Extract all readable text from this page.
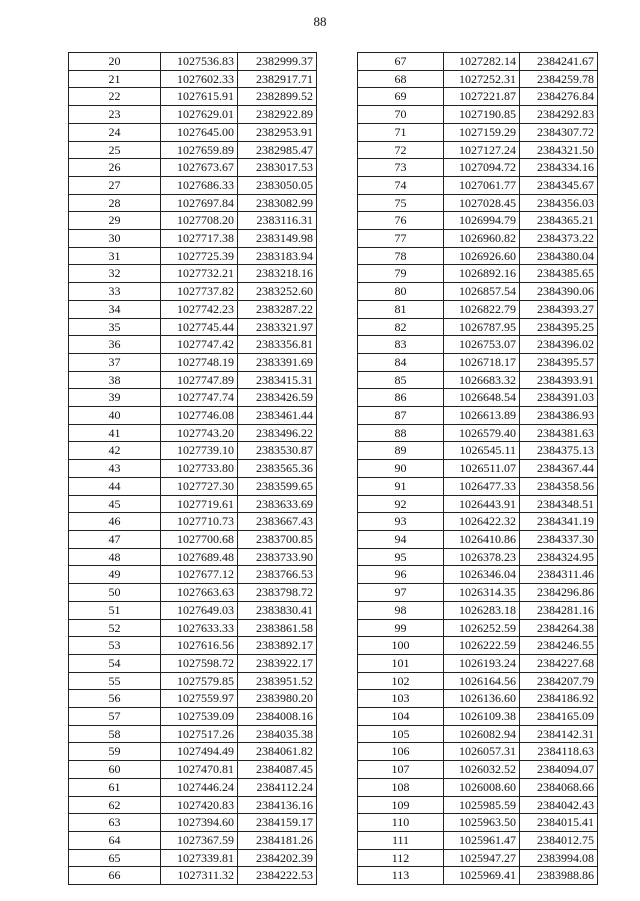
88
20	1027536.83	2382999.37
21	1027602.33	2382917.71
22	1027615.91	2382899.52
23	1027629.01	2382922.89
24	1027645.00	2382953.91
25	1027659.89	2382985.47
26	1027673.67	2383017.53
27	1027686.33	2383050.05
28	1027697.84	2383082.99
29	1027708.20	2383116.31
30	1027717.38	2383149.98
31	1027725.39	2383183.94
32	1027732.21	2383218.16
33	1027737.82	2383252.60
34	1027742.23	2383287.22
35	1027745.44	2383321.97
36	1027747.42	2383356.81
37	1027748.19	2383391.69
38	1027747.89	2383415.31
39	1027747.74	2383426.59
40	1027746.08	2383461.44
41	1027743.20	2383496.22
42	1027739.10	2383530.87
43	1027733.80	2383565.36
44	1027727.30	2383599.65
45	1027719.61	2383633.69
46	1027710.73	2383667.43
47	1027700.68	2383700.85
48	1027689.48	2383733.90
49	1027677.12	2383766.53
50	1027663.63	2383798.72
51	1027649.03	2383830.41
52	1027633.33	2383861.58
53	1027616.56	2383892.17
54	1027598.72	2383922.17
55	1027579.85	2383951.52
56	1027559.97	2383980.20
57	1027539.09	2384008.16
58	1027517.26	2384035.38
59	1027494.49	2384061.82
60	1027470.81	2384087.45
61	1027446.24	2384112.24
62	1027420.83	2384136.16
63	1027394.60	2384159.17
64	1027367.59	2384181.26
65	1027339.81	2384202.39
66	1027311.32	2384222.53
67	1027282.14	2384241.67
68	1027252.31	2384259.78
69	1027221.87	2384276.84
70	1027190.85	2384292.83
71	1027159.29	2384307.72
72	1027127.24	2384321.50
73	1027094.72	2384334.16
74	1027061.77	2384345.67
75	1027028.45	2384356.03
76	1026994.79	2384365.21
77	1026960.82	2384373.22
78	1026926.60	2384380.04
79	1026892.16	2384385.65
80	1026857.54	2384390.06
81	1026822.79	2384393.27
82	1026787.95	2384395.25
83	1026753.07	2384396.02
84	1026718.17	2384395.57
85	1026683.32	2384393.91
86	1026648.54	2384391.03
87	1026613.89	2384386.93
88	1026579.40	2384381.63
89	1026545.11	2384375.13
90	1026511.07	2384367.44
91	1026477.33	2384358.56
92	1026443.91	2384348.51
93	1026422.32	2384341.19
94	1026410.86	2384337.30
95	1026378.23	2384324.95
96	1026346.04	2384311.46
97	1026314.35	2384296.86
98	1026283.18	2384281.16
99	1026252.59	2384264.38
100	1026222.59	2384246.55
101	1026193.24	2384227.68
102	1026164.56	2384207.79
103	1026136.60	2384186.92
104	1026109.38	2384165.09
105	1026082.94	2384142.31
106	1026057.31	2384118.63
107	1026032.52	2384094.07
108	1026008.60	2384068.66
109	1025985.59	2384042.43
110	1025963.50	2384015.41
111	1025961.47	2384012.75
112	1025947.27	2383994.08
113	1025969.41	2383988.86
